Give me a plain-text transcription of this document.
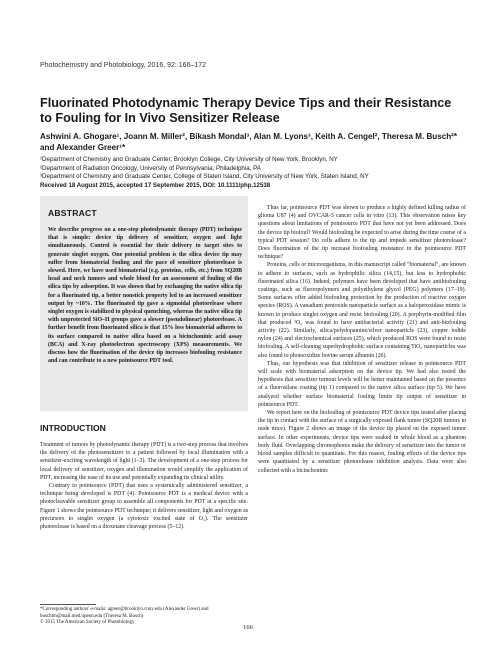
Photochemistry and Photobiology, 2016, 92: 166–172
Fluorinated Photodynamic Therapy Device Tips and their Resistance to Fouling for In Vivo Sensitizer Release

Ashwini A. Ghogare¹, Joann M. Miller², Bikash Mondal³, Alan M. Lyons³, Keith A. Cengel², Theresa M. Busch²* and Alexander Greer¹*

¹Department of Chemistry and Graduate Center, Brooklyn College, City University of New York, Brooklyn, NY
²Department of Radiation Oncology, University of Pennsylvania, Philadelphia, PA
³Department of Chemistry and Graduate Center, College of Staten Island, City University of New York, Staten Island, NY
Received 18 August 2015, accepted 17 September 2015, DOI: 10.1111/php.12538
ABSTRACT

We describe progress on a one-step photodynamic therapy (PDT) technique that is simple: device tip delivery of sensitizer, oxygen and light simultaneously. Control is essential for their delivery to target sites to generate singlet oxygen. One potential problem is the silica device tip may suffer from biomaterial fouling and the pace of sensitizer photorelease is slowed. Here, we have used biomaterial (e.g. proteins, cells, etc.) from SQ20B head and neck tumors and whole blood for an assessment of fouling of the silica tips by adsorption. It was shown that by exchanging the native silica tip for a fluorinated tip, a better nonstick property led to an increased sensitizer output by ~10%. The fluorinated tip gave a sigmoidal photorelease where singlet oxygen is stabilized to physical quenching, whereas the native silica tip with unprotected SiO–H groups gave a slower (pseudolinear) photorelease. A further benefit from fluorinated silica is that 15% less biomaterial adheres to its surface compared to native silica based on a bicinchoninic acid assay (BCA) and X-ray photoelectron spectroscopy (XPS) measurements. We discuss how the fluorination of the device tip increases biofouling resistance and can contribute to a new pointsource PDT tool.

INTRODUCTION

Treatment of tumors by photodynamic therapy (PDT) is a two-step process that involves the delivery of the photosensitizer to a patient followed by local illumination with a sensitizer-exciting wavelength of light (1–3). The development of a one-step process for local delivery of sensitizer, oxygen and illumination would simplify the application of PDT, increasing the ease of its use and potentially expanding its clinical utility.

Contrary to pointsource (PDT) that uses a systemically administered sensitizer, a technique being developed is PDT (4). Pointsource PDT is a medical device with a photocleavable sensitizer group to assemble all components for PDT at a specific site. Figure 1 shows the pointsource PDT technique; it delivers sensitizer, light and oxygen as precursors to singlet oxygen (a cytotoxic excited state of O₂). The sensitizer photorelease is based on a dioxetane cleavage process (5–12).

*Corresponding authors' e-mails: agreer@brooklyn.cuny.edu (Alexander Greer) and
buschtm@mail.med.upenn.edu (Theresa M. Busch)
© 2015 The American Society of Photobiology

Thus far, pointsource PDT was shown to produce a highly defined killing radius of glioma U87 (4) and OVCAR-5 cancer cells in vitro (13). This observation raises key questions about limitations of pointsource PDT that have not yet been addressed. Does the device tip biofoul? Would biofouling be expected to arise during the time course of a typical PDT session? Do cells adhere to the tip and impede sensitizer photorelease? Does fluorination of the tip increase biofouling resistance in the pointsource PDT technique?

Proteins, cells or microorganisms, in this manuscript called "biomaterial", are known to adhere to surfaces, such as hydrophilic silica (14,15), but less to hydrophobic fluorinated silica (16). Indeed, polymers have been developed that have antibiofouling coatings, such as fluoropolymers and polyethylene glycol (PEG) polymers (17–19). Some surfaces offer added biofouling protection by the production of reactive oxygen species (ROS). A vanadium pentoxide nanoparticle surface as a haloperoxidase mimic is known to produce singlet oxygen and resist biofouling (20). A porphyrin-modified film that produced ¹O₂ was found to have antibacterial activity (21) and anti-biofouling activity (22). Similarly, silica/polydopamine/silver nanoparticle (23), copper iodide nylon (24) and electrochemical surfaces (25), which produced ROS were found to resist biofouling. A self-cleaning superhydrophobic surface containing TiO₂ nanoparticles was also found to photooxidize bovine serum albumin (26).

Thus, our hypothesis was that inhibition of sensitizer release in pointsource PDT will scale with biomaterial adsorption on the device tip. We had also tested the hypothesis that sensitizer turnout levels will be better maintained based on the presence of a fluorosilane coating (tip 1) compared to the native silica surface (tip 5). We have analyzed whether surface biomaterial fouling limits tip output of sensitizer in pointsource PDT.

We report here on the biofouling of pointsource PDT device tips tested after placing the tip in contact with the surface of a surgically exposed flank tumor (SQ20B tumors in nude mice). Figure 2 shows an image of the device tip placed on the exposed tumor surface. In other experiments, device tips were soaked in whole blood as a phantom body fluid. Overlapping chromophores make the delivery of sensitizer into the tumor or blood samples difficult to quantitate. For this reason, fouling effects of the device tips were quantitated by a sensitizer photorelease inhibition analysis. Data were also collected with a bicinchoninic

166
